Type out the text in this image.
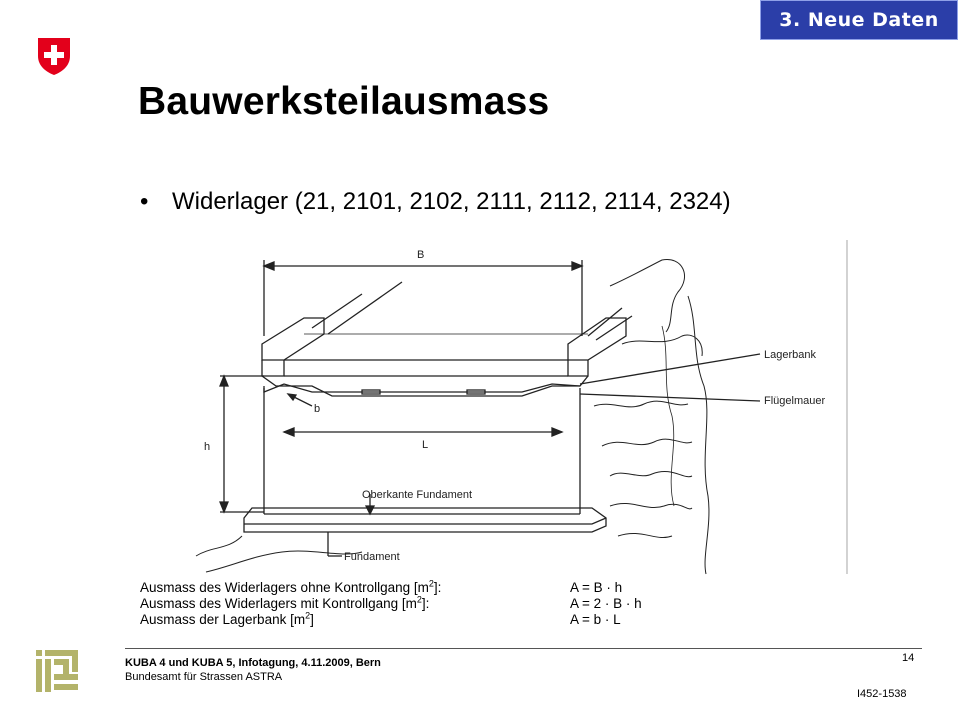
3. Neue Daten
Bauwerksteilausmass
• Widerlager (21, 2101, 2102, 2111, 2112, 2114, 2324)
B
Lagerbank
Flügelmauer
b
h	L
Oberkante Fundament
Fundament
Ausmass des Widerlagers ohne Kontrollgang $[m^2]$:	A = B · h
Ausmass des Widerlagers mit Kontrollgang $[m^2]$:	A = 2 · B · h
Ausmass der Lagerbank $[m^2]$	A = b · L
KUBA 4 und KUBA 5, Infotagung, 4.11.2009, Bern
Bundesamt für Strassen ASTRA
14
I452-1538
